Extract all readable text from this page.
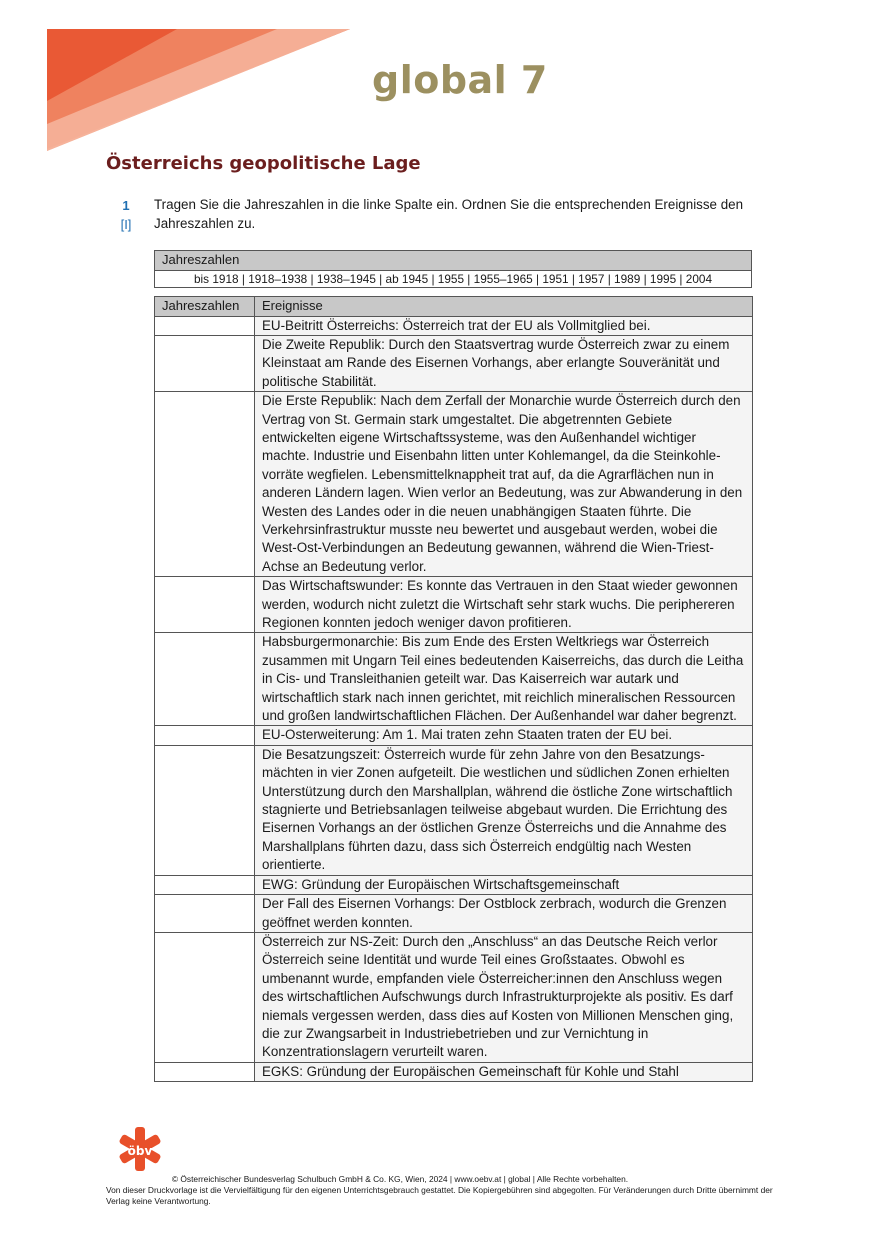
global 7
Österreichs geopolitische Lage
1
[I]
Tragen Sie die Jahreszahlen in die linke Spalte ein. Ordnen Sie die entsprechenden Ereignisse den Jahreszahlen zu.
Jahreszahlen
bis 1918 | 1918–1938 | 1938–1945 | ab 1945 | 1955 | 1955–1965 | 1951 | 1957 | 1989 | 1995 | 2004
Jahreszahlen	Ereignisse
	EU-Beitritt Österreichs: Österreich trat der EU als Vollmitglied bei.
	Die Zweite Republik: Durch den Staatsvertrag wurde Österreich zwar zu einem Kleinstaat am Rande des Eisernen Vorhangs, aber erlangte Souveränität und politische Stabilität.
	Die Erste Republik: Nach dem Zerfall der Monarchie wurde Österreich durch den Vertrag von St. Germain stark umgestaltet. Die abgetrennten Gebiete entwickelten eigene Wirtschaftssysteme, was den Außenhandel wichtiger machte. Industrie und Eisenbahn litten unter Kohlemangel, da die Steinkohle-vorräte wegfielen. Lebensmittelknappheit trat auf, da die Agrarflächen nun in anderen Ländern lagen. Wien verlor an Bedeutung, was zur Abwanderung in den Westen des Landes oder in die neuen unabhängigen Staaten führte. Die Verkehrsinfrastruktur musste neu bewertet und ausgebaut werden, wobei die West-Ost-Verbindungen an Bedeutung gewannen, während die Wien-Triest-Achse an Bedeutung verlor.
	Das Wirtschaftswunder: Es konnte das Vertrauen in den Staat wieder gewonnen werden, wodurch nicht zuletzt die Wirtschaft sehr stark wuchs. Die periphereren Regionen konnten jedoch weniger davon profitieren.
	Habsburgermonarchie: Bis zum Ende des Ersten Weltkriegs war Österreich zusammen mit Ungarn Teil eines bedeutenden Kaiserreichs, das durch die Leitha in Cis- und Transleithanien geteilt war. Das Kaiserreich war autark und wirtschaftlich stark nach innen gerichtet, mit reichlich mineralischen Ressourcen und großen landwirtschaftlichen Flächen. Der Außenhandel war daher begrenzt.
	EU-Osterweiterung: Am 1. Mai traten zehn Staaten traten der EU bei.
	Die Besatzungszeit: Österreich wurde für zehn Jahre von den Besatzungs-mächten in vier Zonen aufgeteilt. Die westlichen und südlichen Zonen erhielten Unterstützung durch den Marshallplan, während die östliche Zone wirtschaftlich stagnierte und Betriebsanlagen teilweise abgebaut wurden. Die Errichtung des Eisernen Vorhangs an der östlichen Grenze Österreichs und die Annahme des Marshallplans führten dazu, dass sich Österreich endgültig nach Westen orientierte.
	EWG: Gründung der Europäischen Wirtschaftsgemeinschaft
	Der Fall des Eisernen Vorhangs: Der Ostblock zerbrach, wodurch die Grenzen geöffnet werden konnten.
	Österreich zur NS-Zeit: Durch den „Anschluss“ an das Deutsche Reich verlor Österreich seine Identität und wurde Teil eines Großstaates. Obwohl es umbenannt wurde, empfanden viele Österreicher:innen den Anschluss wegen des wirtschaftlichen Aufschwungs durch Infrastrukturprojekte als positiv. Es darf niemals vergessen werden, dass dies auf Kosten von Millionen Menschen ging, die zur Zwangsarbeit in Industriebetrieben und zur Vernichtung in Konzentrationslagern verurteilt waren.
	EGKS: Gründung der Europäischen Gemeinschaft für Kohle und Stahl
öbv
© Österreichischer Bundesverlag Schulbuch GmbH & Co. KG, Wien, 2024 | www.oebv.at | global | Alle Rechte vorbehalten.
Von dieser Druckvorlage ist die Vervielfältigung für den eigenen Unterrichtsgebrauch gestattet. Die Kopiergebühren sind abgegolten. Für Veränderungen durch Dritte übernimmt der Verlag keine Verantwortung.
